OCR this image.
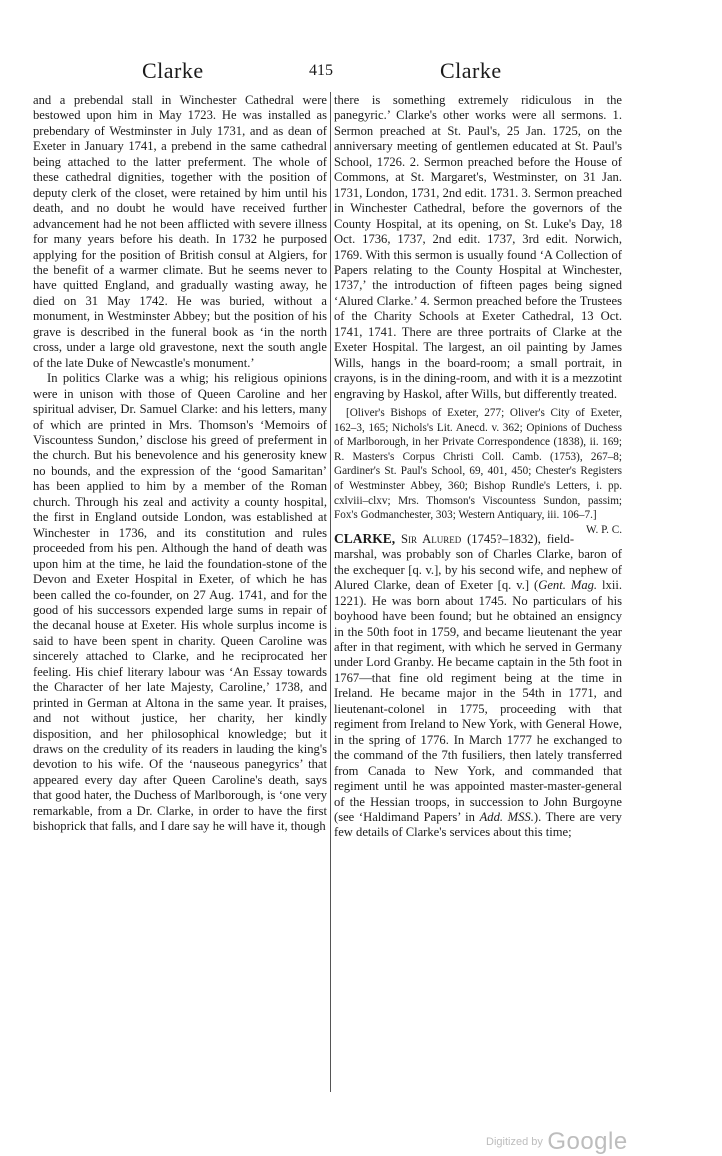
Clarke	415	Clarke

and a prebendal stall in Winchester Cathedral were bestowed upon him in May 1723. He was installed as prebendary of Westminster in July 1731, and as dean of Exeter in January 1741, a prebend in the same cathedral being attached to the latter preferment. The whole of these cathedral dignities, together with the position of deputy clerk of the closet, were retained by him until his death, and no doubt he would have received further advancement had he not been afflicted with severe illness for many years before his death. In 1732 he purposed applying for the position of British consul at Algiers, for the benefit of a warmer climate. But he seems never to have quitted England, and gradually wasting away, he died on 31 May 1742. He was buried, without a monument, in Westminster Abbey; but the position of his grave is described in the funeral book as ‘in the north cross, under a large old gravestone, next the south angle of the late Duke of Newcastle's monument.’

In politics Clarke was a whig; his religious opinions were in unison with those of Queen Caroline and her spiritual adviser, Dr. Samuel Clarke: and his letters, many of which are printed in Mrs. Thomson's ‘Memoirs of Viscountess Sundon,’ disclose his greed of preferment in the church. But his benevolence and his generosity knew no bounds, and the expression of the ‘good Samaritan’ has been applied to him by a member of the Roman church. Through his zeal and activity a county hospital, the first in England outside London, was established at Winchester in 1736, and its constitution and rules proceeded from his pen. Although the hand of death was upon him at the time, he laid the foundation-stone of the Devon and Exeter Hospital in Exeter, of which he has been called the co-founder, on 27 Aug. 1741, and for the good of his successors expended large sums in repair of the decanal house at Exeter. His whole surplus income is said to have been spent in charity. Queen Caroline was sincerely attached to Clarke, and he reciprocated her feeling. His chief literary labour was ‘An Essay towards the Character of her late Majesty, Caroline,’ 1738, and printed in German at Altona in the same year. It praises, and not without justice, her charity, her kindly disposition, and her philosophical knowledge; but it draws on the credulity of its readers in lauding the king's devotion to his wife. Of the ‘nauseous panegyrics’ that appeared every day after Queen Caroline's death, says that good hater, the Duchess of Marlborough, is ‘one very remarkable, from a Dr. Clarke, in order to have the first bishoprick that falls, and I dare say he will have it, though

there is something extremely ridiculous in the panegyric.’ Clarke's other works were all sermons. 1. Sermon preached at St. Paul's, 25 Jan. 1725, on the anniversary meeting of gentlemen educated at St. Paul's School, 1726. 2. Sermon preached before the House of Commons, at St. Margaret's, Westminster, on 31 Jan. 1731, London, 1731, 2nd edit. 1731. 3. Sermon preached in Winchester Cathedral, before the governors of the County Hospital, at its opening, on St. Luke's Day, 18 Oct. 1736, 1737, 2nd edit. 1737, 3rd edit. Norwich, 1769. With this sermon is usually found ‘A Collection of Papers relating to the County Hospital at Winchester, 1737,’ the introduction of fifteen pages being signed ‘Alured Clarke.’ 4. Sermon preached before the Trustees of the Charity Schools at Exeter Cathedral, 13 Oct. 1741, 1741. There are three portraits of Clarke at the Exeter Hospital. The largest, an oil painting by James Wills, hangs in the board-room; a small portrait, in crayons, is in the dining-room, and with it is a mezzotint engraving by Haskol, after Wills, but differently treated.

[Oliver's Bishops of Exeter, 277; Oliver's City of Exeter, 162–3, 165; Nichols's Lit. Anecd. v. 362; Opinions of Duchess of Marlborough, in her Private Correspondence (1838), ii. 169; R. Masters's Corpus Christi Coll. Camb. (1753), 267–8; Gardiner's St. Paul's School, 69, 401, 450; Chester's Registers of Westminster Abbey, 360; Bishop Rundle's Letters, i. pp. cxlviii–clxv; Mrs. Thomson's Viscountess Sundon, passim; Fox's Godmanchester, 303; Western Antiquary, iii. 106–7.]
W. P. C.

CLARKE, Sir Alured (1745?–1832), field-marshal, was probably son of Charles Clarke, baron of the exchequer [q. v.], by his second wife, and nephew of Alured Clarke, dean of Exeter [q. v.] (Gent. Mag. lxii. 1221). He was born about 1745. No particulars of his boyhood have been found; but he obtained an ensigncy in the 50th foot in 1759, and became lieutenant the year after in that regiment, with which he served in Germany under Lord Granby. He became captain in the 5th foot in 1767—that fine old regiment being at the time in Ireland. He became major in the 54th in 1771, and lieutenant-colonel in 1775, proceeding with that regiment from Ireland to New York, with General Howe, in the spring of 1776. In March 1777 he exchanged to the command of the 7th fusiliers, then lately transferred from Canada to New York, and commanded that regiment until he was appointed master-master-general of the Hessian troops, in succession to John Burgoyne (see ‘Haldimand Papers’ in Add. MSS.). There are very few details of Clarke's services about this time;

Digitized by Google
